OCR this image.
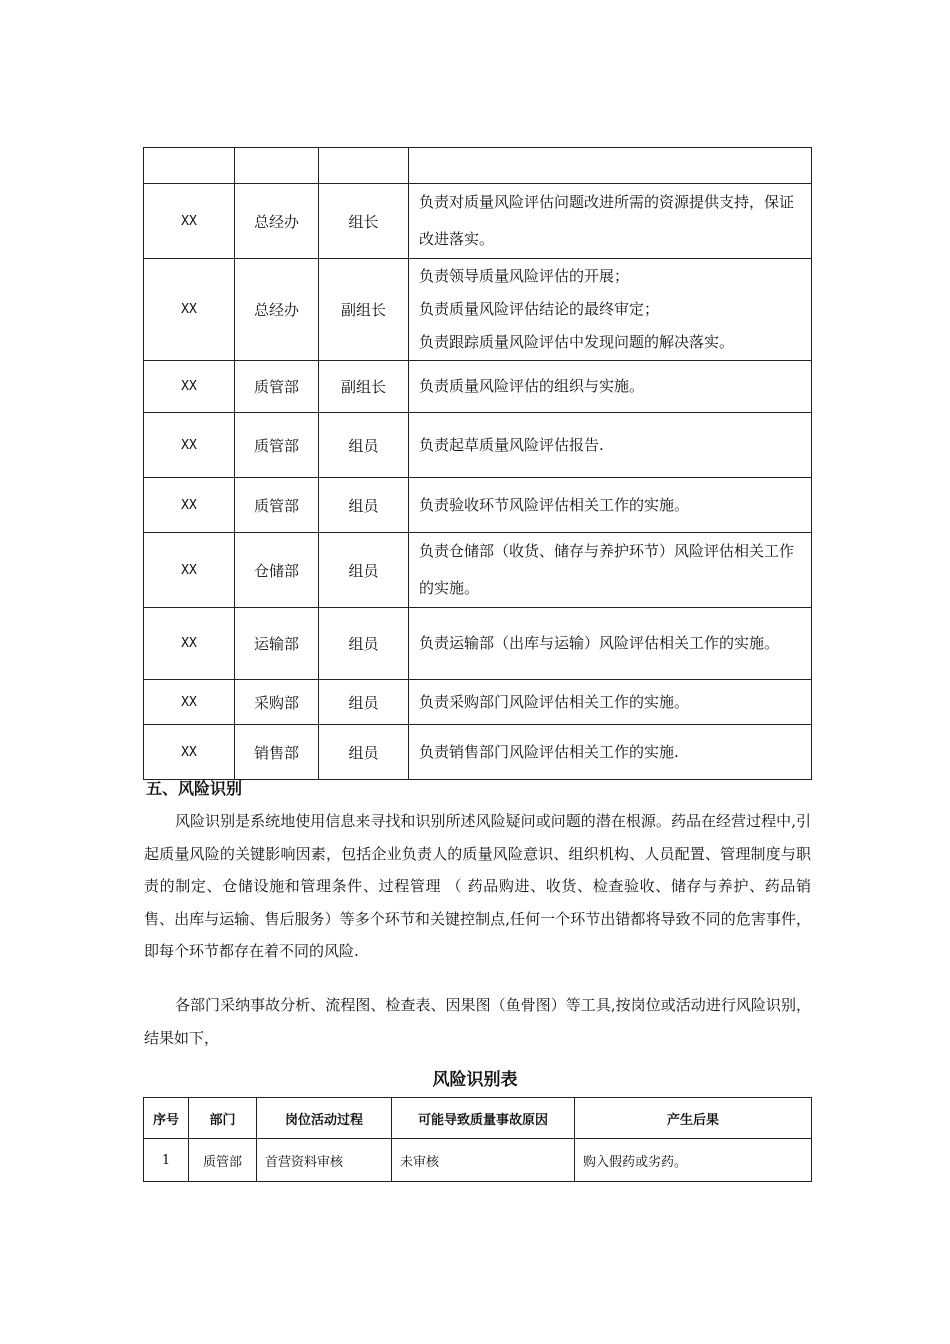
XX	总经办	组长	负责对质量风险评估问题改进所需的资源提供支持，保证改进落实。
XX	总经办	副组长	负责领导质量风险评估的开展；
负责质量风险评估结论的最终审定；
负责跟踪质量风险评估中发现问题的解决落实。

XX	质管部	副组长	负责质量风险评估的组织与实施。
XX	质管部	组员	负责起草质量风险评估报告.
XX	质管部	组员	负责验收环节风险评估相关工作的实施。
XX	仓储部	组员	负责仓储部（收货、储存与养护环节）风险评估相关工作的实施。
XX	运输部	组员	负责运输部（出库与运输）风险评估相关工作的实施。
XX	采购部	组员	负责采购部门风险评估相关工作的实施。
XX	销售部	组员	负责销售部门风险评估相关工作的实施.
五、风险识别
风险识别是系统地使用信息来寻找和识别所述风险疑问或问题的潜在根源。药品在经营过程中,引起质量风险的关键影响因素，包括企业负责人的质量风险意识、组织机构、人员配置、管理制度与职责的制定、仓储设施和管理条件、过程管理 （ 药品购进、收货、检查验收、储存与养护、药品销售、出库与运输、售后服务）等多个环节和关键控制点,任何一个环节出错都将导致不同的危害事件，即每个环节都存在着不同的风险.
各部门采纳事故分析、流程图、检查表、因果图（鱼骨图）等工具,按岗位或活动进行风险识别，结果如下，
风险识别表
序号	部门	岗位活动过程	可能导致质量事故原因	产生后果
1	质管部	首营资料审核	未审核	购入假药或劣药。
